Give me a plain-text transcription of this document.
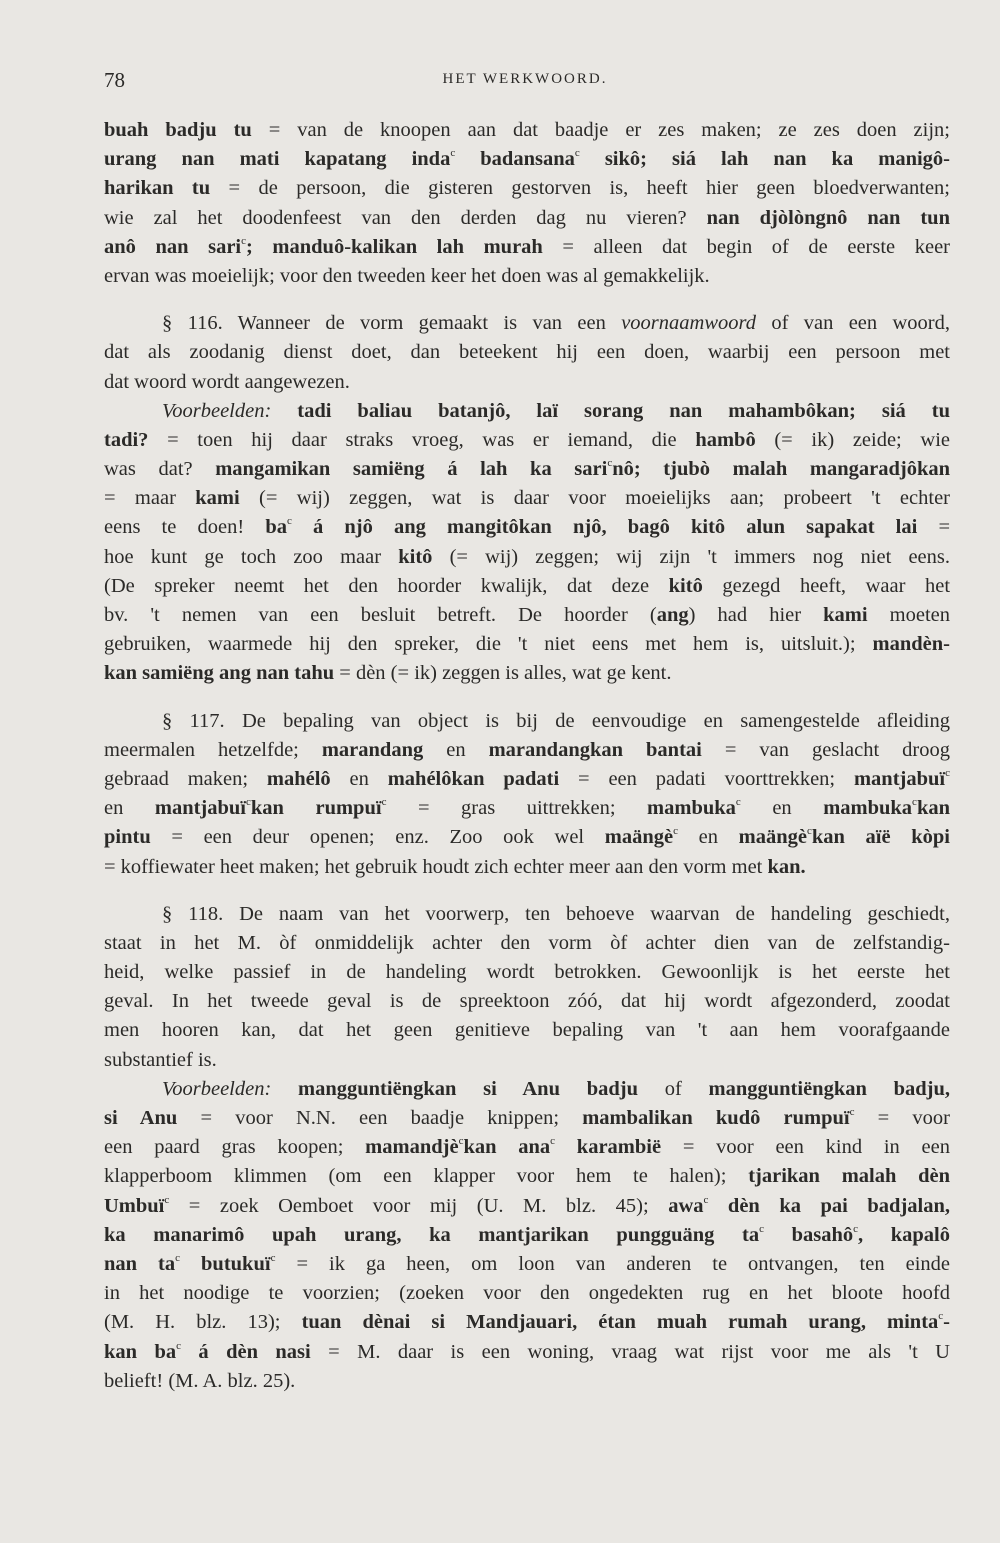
78	HET WERKWOORD.
buah badju tu = van de knoopen aan dat baadje er zes maken; ze zes doen zijn;
urang nan mati kapatang inda$^c$ badansana$^c$ sikô; siá lah nan ka manigô-
harikan tu = de persoon, die gisteren gestorven is, heeft hier geen bloedverwanten;
wie zal het doodenfeest van den derden dag nu vieren? nan djòlòngnô nan tun
anô nan sari$^c$; manduô-kalikan lah murah = alleen dat begin of de eerste keer
ervan was moeielijk; voor den tweeden keer het doen was al gemakkelijk.
§ 116. Wanneer de vorm gemaakt is van een voornaamwoord of van een woord,
dat als zoodanig dienst doet, dan beteekent hij een doen, waarbij een persoon met
dat woord wordt aangewezen.
Voorbeelden: tadi baliau batanjô, laï sorang nan mahambôkan; siá tu
tadi? = toen hij daar straks vroeg, was er iemand, die hambô (= ik) zeide; wie
was dat? mangamikan samiëng á lah ka sari$^c$nô; tjubò malah mangaradjôkan
= maar kami (= wij) zeggen, wat is daar voor moeielijks aan; probeert 't echter
eens te doen! $ba^c$ á njô ang mangitôkan njô, bagô kitô alun sapakat lai =
hoe kunt ge toch zoo maar kitô (= wij) zeggen; wij zijn 't immers nog niet eens.
(De spreker neemt het den hoorder kwalijk, dat deze kitô gezegd heeft, waar het
bv. 't nemen van een besluit betreft. De hoorder (ang) had hier kami moeten
gebruiken, waarmede hij den spreker, die 't niet eens met hem is, uitsluit.); mandèn-
kan samiëng ang nan tahu = dèn (= ik) zeggen is alles, wat ge kent.
§ 117. De bepaling van object is bij de eenvoudige en samengestelde afleiding
meermalen hetzelfde; marandang en marandangkan bantai = van geslacht droog
gebraad maken; mahélô en mahélôkan padati = een padati voorttrekken; mantjabuï$^c$
en mantjabuï$^c$kan rumpuï$^c$ = gras uittrekken; mambuka$^c$ en mambuka$^c$kan
pintu = een deur openen; enz. Zoo ook wel maängè$^c$ en maängè$^c$kan aïë kòpi
= koffiewater heet maken; het gebruik houdt zich echter meer aan den vorm met kan.
§ 118. De naam van het voorwerp, ten behoeve waarvan de handeling geschiedt,
staat in het M. òf onmiddelijk achter den vorm òf achter dien van de zelfstandig-
heid, welke passief in de handeling wordt betrokken. Gewoonlijk is het eerste het
geval. In het tweede geval is de spreektoon zóó, dat hij wordt afgezonderd, zoodat
men hooren kan, dat het geen genitieve bepaling van 't aan hem voorafgaande
substantief is.
Voorbeelden: mangguntiëngkan si Anu badju of mangguntiëngkan badju,
si Anu = voor N.N. een baadje knippen; mambalikan kudô rumpuï$^c$ = voor
een paard gras koopen; mamandjè$^c$kan ana$^c$ karambië = voor een kind in een
klapperboom klimmen (om een klapper voor hem te halen); tjarikan malah dèn
Umbuï$^c$ = zoek Oemboet voor mij (U. M. blz. 45); awa$^c$ dèn ka pai badjalan,
ka manarimô upah urang, ka mantjarikan pungguäng $ta^c$ basahô$^c$, kapalô
nan $ta^c$ butukuï$^c$ = ik ga heen, om loon van anderen te ontvangen, ten einde
in het noodige te voorzien; (zoeken voor den ongedekten rug en het bloote hoofd
(M. H. blz. 13); tuan dènai si Mandjauari, étan muah rumah urang, minta$^c$-
kan $ba^c$ á dèn nasi = M. daar is een woning, vraag wat rijst voor me als 't U
belieft! (M. A. blz. 25).
